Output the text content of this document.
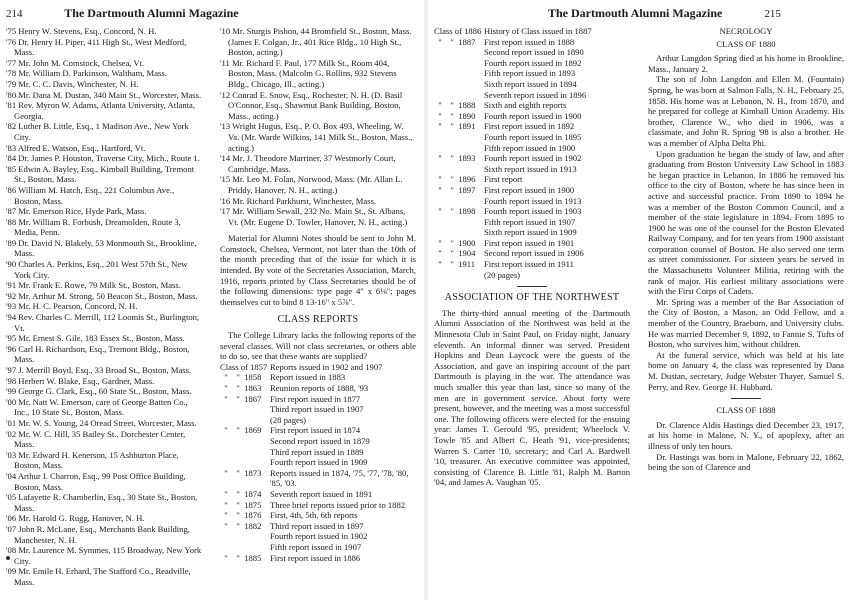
214	The Dartmouth Alumni Magazine

'75 Henry W. Stevens, Esq., Concord, N. H.

'76 Dr. Henry H. Piper, 411 High St., West Medford, Mass.

'77 Mr. John M. Comstock, Chelsea, Vt.

'78 Mr. William D. Parkinson, Waltham, Mass.

'79 Mr. C. C. Davis, Winchester, N. H.

'80 Mr. Dana M. Dustan, 340 Main St., Worcester, Mass.

'81 Rev. Myron W. Adams, Atlanta University, Atlanta, Georgia.

'82 Luther B. Little, Esq., 1 Madison Ave., New York City.

'83 Alfred E. Watson, Esq., Hartford, Vt.

'84 Dr. James P. Houston, Traverse City, Mich., Route 1.

'85 Edwin A. Bayley, Esq., Kimball Building, Tremont St., Boston, Mass.

'86 William M. Hatch, Esq., 221 Columbus Ave., Boston, Mass.

'87 Mr. Emerson Rice, Hyde Park, Mass.

'88 Mr. William R. Forbush, Dreamolden, Route 3, Media, Penn.

'89 Dr. David N. Blakely, 53 Monmouth St., Brookline, Mass.

'90 Charles A. Perkins, Esq., 201 West 57th St., New York City.

'91 Mr. Frank E. Rowe, 79 Milk St., Boston, Mass.

'92 Mr. Arthur M. Strong, 50 Beacon St., Boston, Mass.

'93 Mr. H. C. Pearson, Concord, N. H.

'94 Rev. Charles C. Merrill, 112 Loomis St., Burlington, Vt.

'95 Mr. Ernest S. Gile, 183 Essex St., Boston, Mass.

'96 Carl H. Richardson, Esq., Tremont Bldg., Boston, Mass.

'97 J. Merrill Boyd, Esq., 33 Broad St., Boston, Mass.

'98 Herbert W. Blake, Esq., Gardner, Mass.

'99 George G. Clark, Esq., 60 State St., Boston, Mass.

'00 Mr. Natt W. Emerson, care of George Batten Co., Inc., 10 State St., Boston, Mass.

'01 Mr. W. S. Young, 24 Oread Street, Worcester, Mass.

'02 Mr. W. C. Hill, 35 Bailey St., Dorchester Center, Mass.

'03 Mr. Edward H. Kenerson, 15 Ashburton Place, Boston, Mass.

'04 Arthur I. Charron, Esq., 99 Post Office Building, Boston, Mass.

'05 Lafayette R. Chamberlin, Esq., 30 State St., Boston, Mass.

'06 Mr. Harold G. Rugg, Hanover, N. H.

'07 John R. McLane, Esq., Merchants Bank Building, Manchester, N. H.

'08 Mr. Laurence M. Symmes, 115 Broadway, New York City.

'09 Mr. Emile H. Erhard, The Stafford Co., Readville, Mass.

'10 Mr. Sturgis Pishon, 44 Bromfield St., Boston, Mass. (James F. Colgan, Jr., 401 Rice Bldg., 10 High St., Boston, acting.)

'11 Mr. Richard F. Paul, 177 Milk St., Room 404, Boston, Mass. (Malcolm G. Rollins, 932 Stevens Bldg., Chicago, Ill., acting.)

'12 Conrad E. Snow, Esq., Rochester, N. H. (D. Basil O'Connor, Esq., Shawmut Bank Building, Boston, Mass., acting.)

'13 Wright Hugus, Esq., P. O. Box 493, Wheeling, W. Va. (Mr. Warde Wilkins, 141 Milk St., Boston, Mass., acting.)

'14 Mr. J. Theodore Marriner, 37 Westmorly Court, Cambridge, Mass.

'15 Mr. Leo M. Folan, Norwood, Mass. (Mr. Allan L. Priddy, Hanover, N. H., acting.)

'16 Mr. Richard Parkhurst, Winchester, Mass.

'17 Mr. William Sewall, 232 No. Main St., St. Albans, Vt. (Mr. Eugene D. Towler, Hanover, N. H., acting.)

Material for Alumni Notes should be sent to John M. Comstock, Chelsea, Vermont, not later than the 10th of the month preceding that of the issue for which it is intended. By vote of the Secretaries Association, March, 1916, reports printed by Class Secretaries should be of the following dimensions: type page 4" x 6⅛"; pages themselves cut to bind 8 13-16" x 5⅞".

CLASS REPORTS

The College Library lacks the following reports of the several classes. Will not class secretaries, or others able to do so, see that these wants are supplied?

Class of 1857 Reports issued in 1902 and 1907
"    "  1858 Report issued in 1883
"    "  1863 Reunion reports of 1888, '93
"    "  1867 First report issued in 1877
Third report issued in 1907
(28 pages)
"    "  1869 First report issued in 1874
Second report issued in 1879
Third report issued in 1889
Fourth report issued in 1909
"    "  1873 Reports issued in 1874, '75, '77, '78, '80, '85, '03.
"    "  1874 Seventh report issued in 1891
"    "  1875 Three brief reports issued prior to 1882
"    "  1876 First, 4th, 5th, 6th reports
"    "  1882 Third report issued in 1897
Fourth report issued in 1902
Fifth report issued in 1907
"    "  1885 First report issued in 1886
The Dartmouth Alumni Magazine	215
Class of 1886 History of Class issued in 1887
"    "  1887 First report issued in 1888
Second report issued in 1890
Fourth report issued in 1892
Fifth report issued in 1893
Sixth report issued in 1894
Seventh report issued in 1896
"    "  1888 Sixth and eighth reports
"    "  1890 Fourth report issued in 1900
"    "  1891 First report issued in 1892
Fourth report issued in 1895
Fifth report issued in 1900
"    "  1893 Fourth report issued in 1902
Sixth report issued in 1913
"    "  1896 First report
"    "  1897 First report issued in 1900
Fourth report issued in 1913
"    "  1898 Fourth report issued in 1903
Fifth report issued in 1907
Sixth report issued in 1909
"    "  1900 First report issued in 1901
"    "  1904 Second report issued in 1906
"    "  1911	First report issued in 1911
(20 pages)
ASSOCIATION OF THE NORTHWEST

The thirty-third annual meeting of the Dartmouth Alumni Association of the Northwest was held at the Minnesota Club in Saint Paul, on Friday night, January eleventh. An informal dinner was served. President Hopkins and Dean Laycock were the guests of the Association, and gave an inspiring account of the part Dartmouth is playing in the war. The attendance was much smaller this year than last, since so many of the men are in government service. About forty were present, however, and the meeting was a most successful one. The following officers were elected for the ensuing year: James T. Gerould '95, president; Wheelock V. Towle '85 and Albert C. Heath '91, vice-presidents; Warren S. Carter '10, secretary; and Carl A. Bardwell '10, treasurer. An executive committee was appointed, consisting of Clarence B. Little '81, Ralph M. Barton '04, and James A. Vaughan '05.

NECROLOGY
CLASS OF 1880

Arthur Langdon Spring died at his home in Brookline, Mass., January 2.

The son of John Langdon and Ellen M. (Fountain) Spring, he was born at Salmon Falls, N. H., February 25, 1858. His home was at Lebanon, N. H., from 1870, and he prepared for college at Kimball Union Academy. His brother, Clarence W., who died in 1906, was a classmate, and John R. Spring '98 is also a brother. He was a member of Alpha Delta Phi.

Upon graduation he began the study of law, and after graduating from Boston University Law School in 1883 he began practice in Lebanon. In 1886 he removed his office to the city of Boston, where he has since been in active and successful practice. From 1890 to 1894 he was a member of the Boston Common Council, and a member of the state legislature in 1894. From 1895 to 1900 he was one of the counsel for the Boston Elevated Railway Company, and for ten years from 1900 assistant corporation counsel of Boston. He also served one term as street commissioner. For sixteen years he served in the Massachusetts Volunteer Militia, retiring with the rank of major. His earliest military associations were with the First Corps of Cadets.

Mr. Spring was a member of the Bar Association of the City of Boston, a Mason, an Odd Fellow, and a member of the Country, Braeburn, and University clubs. He was married December 9, 1892, to Fannie S. Tufts of Boston, who survives him, without children.

At the funeral service, which was held at his late home on January 4, the class was represented by Dana M. Dustan, secretary, Judge Webster Thayer, Samuel S. Perry, and Rev. George H. Hubbard.

CLASS OF 1888

Dr. Clarence Aldis Hastings died December 23, 1917, at his home in Malone, N. Y., of apoplexy, after an illness of only ten hours.

Dr. Hastings was born in Malone, February 22, 1862, being the son of Clarence and
